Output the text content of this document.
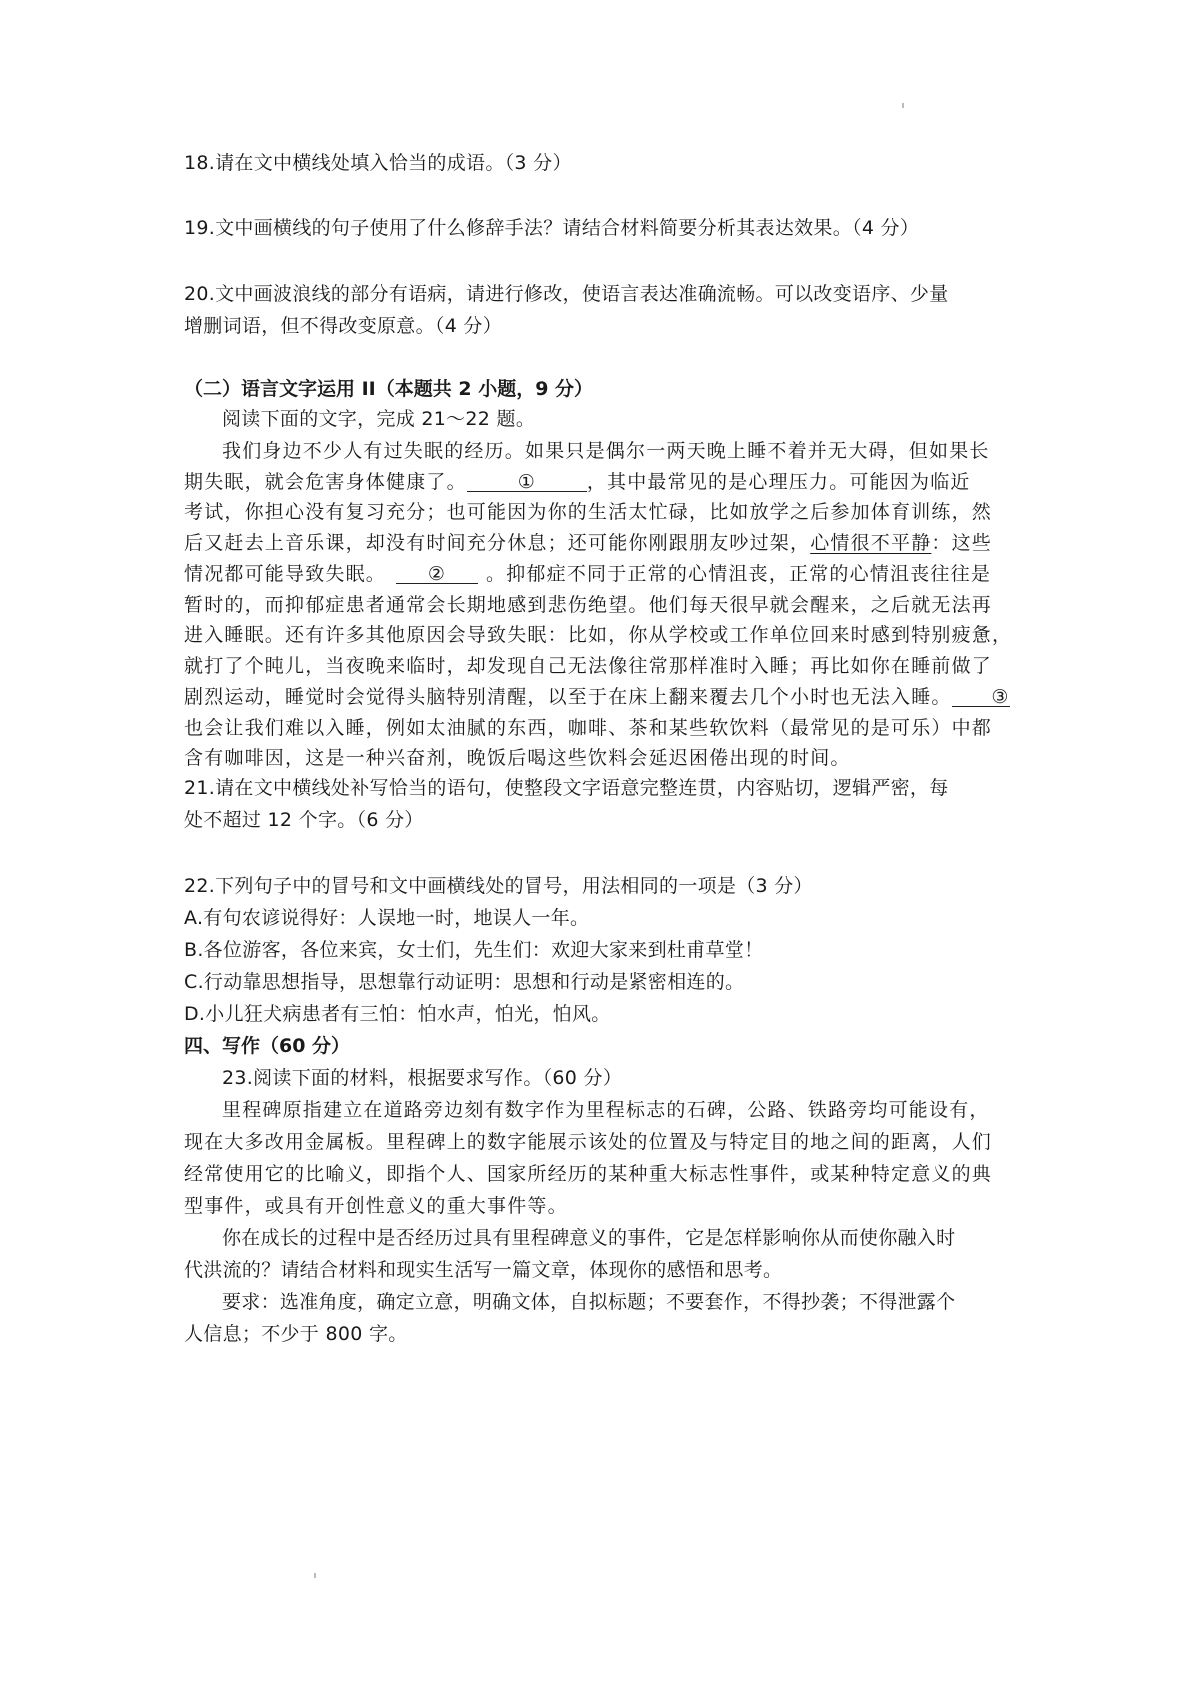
18.请在文中横线处填入恰当的成语。（3 分）
19.文中画横线的句子使用了什么修辞手法？请结合材料简要分析其表达效果。（4 分）
20.文中画波浪线的部分有语病，请进行修改，使语言表达准确流畅。可以改变语序、少量
增删词语，但不得改变原意。（4 分）
（二）语言文字运用 II（本题共 2 小题，9 分）
阅读下面的文字，完成 21～22 题。
我们身边不少人有过失眠的经历。如果只是偶尔一两天晚上睡不着并无大碍，但如果长
期失眠，就会危害身体健康了。	①	，其中最常见的是心理压力。可能因为临近
考试，你担心没有复习充分；也可能因为你的生活太忙碌，比如放学之后参加体育训练，然
后又赶去上音乐课，却没有时间充分休息；还可能你刚跟朋友吵过架，心情很不平静：这些
情况都可能导致失眠。 ② 。抑郁症不同于正常的心情沮丧，正常的心情沮丧往往是
暂时的，而抑郁症患者通常会长期地感到悲伤绝望。他们每天很早就会醒来，之后就无法再
进入睡眠。还有许多其他原因会导致失眠：比如，你从学校或工作单位回来时感到特别疲惫，
就打了个盹儿，当夜晚来临时，却发现自己无法像往常那样准时入睡；再比如你在睡前做了
剧烈运动，睡觉时会觉得头脑特别清醒，以至于在床上翻来覆去几个小时也无法入睡。 ③
也会让我们难以入睡，例如太油腻的东西，咖啡、茶和某些软饮料（最常见的是可乐）中都
含有咖啡因，这是一种兴奋剂，晚饭后喝这些饮料会延迟困倦出现的时间。
21.请在文中横线处补写恰当的语句，使整段文字语意完整连贯，内容贴切，逻辑严密，每
处不超过 12 个字。（6 分）
22.下列句子中的冒号和文中画横线处的冒号，用法相同的一项是（3 分）
A.有句农谚说得好：人误地一时，地误人一年。
B.各位游客，各位来宾，女士们，先生们：欢迎大家来到杜甫草堂！
C.行动靠思想指导，思想靠行动证明：思想和行动是紧密相连的。
D.小儿狂犬病患者有三怕：怕水声，怕光，怕风。
四、写作（60 分）
23.阅读下面的材料，根据要求写作。（60 分）
里程碑原指建立在道路旁边刻有数字作为里程标志的石碑，公路、铁路旁均可能设有，
现在大多改用金属板。里程碑上的数字能展示该处的位置及与特定目的地之间的距离，人们
经常使用它的比喻义，即指个人、国家所经历的某种重大标志性事件，或某种特定意义的典
型事件，或具有开创性意义的重大事件等。
你在成长的过程中是否经历过具有里程碑意义的事件，它是怎样影响你从而使你融入时
代洪流的？请结合材料和现实生活写一篇文章，体现你的感悟和思考。
要求：选准角度，确定立意，明确文体，自拟标题；不要套作，不得抄袭；不得泄露个
人信息；不少于 800 字。
